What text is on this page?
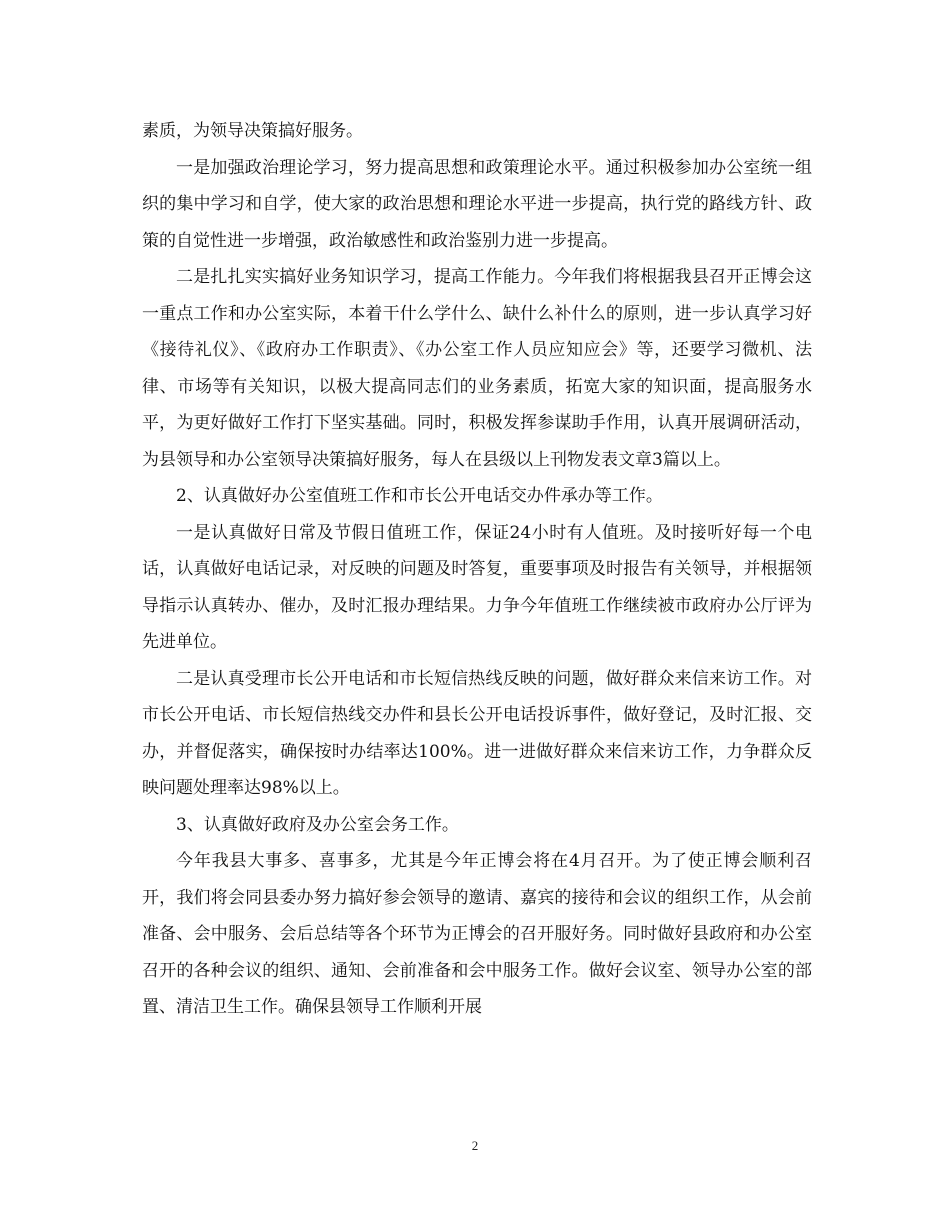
素质，为领导决策搞好服务。

一是加强政治理论学习，努力提高思想和政策理论水平。通过积极参加办公室统一组织的集中学习和自学，使大家的政治思想和理论水平进一步提高，执行党的路线方针、政策的自觉性进一步增强，政治敏感性和政治鉴别力进一步提高。

二是扎扎实实搞好业务知识学习，提高工作能力。今年我们将根据我县召开正博会这一重点工作和办公室实际，本着干什么学什么、缺什么补什么的原则，进一步认真学习好《接待礼仪》、《政府办工作职责》、《办公室工作人员应知应会》等，还要学习微机、法律、市场等有关知识，以极大提高同志们的业务素质，拓宽大家的知识面，提高服务水平，为更好做好工作打下坚实基础。同时，积极发挥参谋助手作用，认真开展调研活动，为县领导和办公室领导决策搞好服务，每人在县级以上刊物发表文章3篇以上。

2、认真做好办公室值班工作和市长公开电话交办件承办等工作。

一是认真做好日常及节假日值班工作，保证24小时有人值班。及时接听好每一个电话，认真做好电话记录，对反映的问题及时答复，重要事项及时报告有关领导，并根据领导指示认真转办、催办，及时汇报办理结果。力争今年值班工作继续被市政府办公厅评为先进单位。

二是认真受理市长公开电话和市长短信热线反映的问题，做好群众来信来访工作。对市长公开电话、市长短信热线交办件和县长公开电话投诉事件，做好登记，及时汇报、交办，并督促落实，确保按时办结率达100%。进一进做好群众来信来访工作，力争群众反映问题处理率达98%以上。

3、认真做好政府及办公室会务工作。

今年我县大事多、喜事多，尤其是今年正博会将在4月召开。为了使正博会顺利召开，我们将会同县委办努力搞好参会领导的邀请、嘉宾的接待和会议的组织工作，从会前准备、会中服务、会后总结等各个环节为正博会的召开服好务。同时做好县政府和办公室召开的各种会议的组织、通知、会前准备和会中服务工作。做好会议室、领导办公室的部置、清洁卫生工作。确保县领导工作顺利开展

2
